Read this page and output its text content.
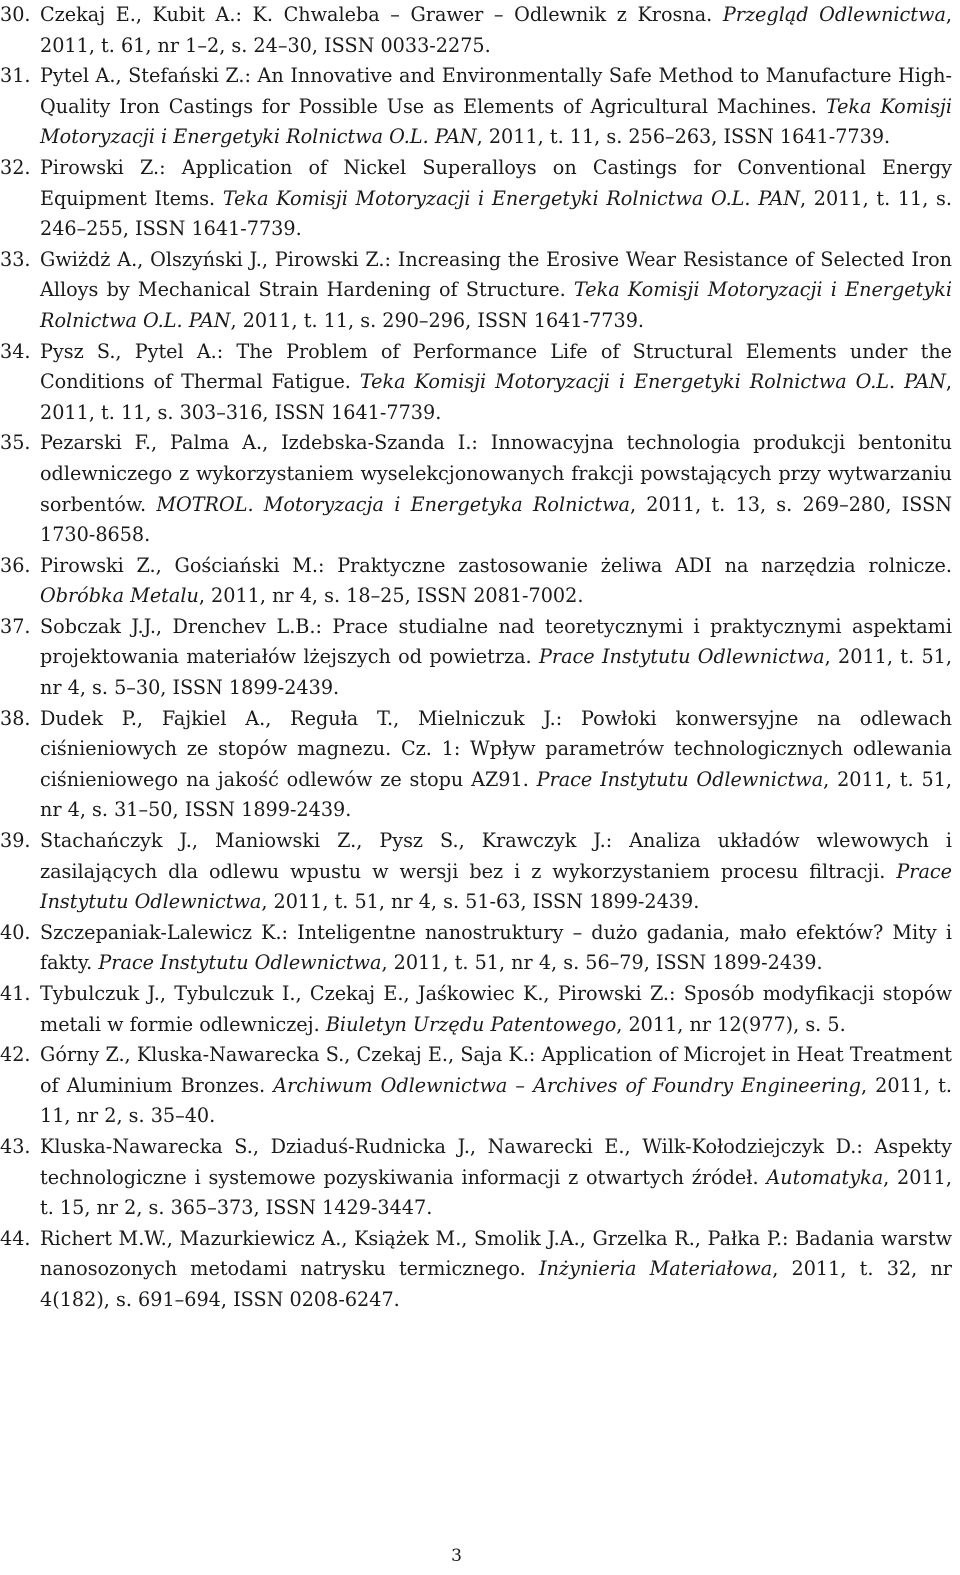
30. Czekaj E., Kubit A.: K. Chwaleba – Grawer – Odlewnik z Krosna. Przegląd Odlewnictwa, 2011, t. 61, nr 1–2, s. 24–30, ISSN 0033-2275.
31. Pytel A., Stefański Z.: An Innovative and Environmentally Safe Method to Manufacture High-Quality Iron Castings for Possible Use as Elements of Agricultural Machines. Teka Komisji Motoryzacji i Energetyki Rolnictwa O.L. PAN, 2011, t. 11, s. 256–263, ISSN 1641-7739.
32. Pirowski Z.: Application of Nickel Superalloys on Castings for Conventional Energy Equipment Items. Teka Komisji Motoryzacji i Energetyki Rolnictwa O.L. PAN, 2011, t. 11, s. 246–255, ISSN 1641-7739.
33. Gwiżdż A., Olszyński J., Pirowski Z.: Increasing the Erosive Wear Resistance of Selected Iron Alloys by Mechanical Strain Hardening of Structure. Teka Komisji Motoryzacji i Energetyki Rolnictwa O.L. PAN, 2011, t. 11, s. 290–296, ISSN 1641-7739.
34. Pysz S., Pytel A.: The Problem of Performance Life of Structural Elements under the Conditions of Thermal Fatigue. Teka Komisji Motoryzacji i Energetyki Rolnictwa O.L. PAN, 2011, t. 11, s. 303–316, ISSN 1641-7739.
35. Pezarski F., Palma A., Izdebska-Szanda I.: Innowacyjna technologia produkcji bentonitu odlewniczego z wykorzystaniem wyselekcjonowanych frakcji powstających przy wytwarzaniu sorbentów. MOTROL. Motoryzacja i Energetyka Rolnictwa, 2011, t. 13, s. 269–280, ISSN 1730-8658.
36. Pirowski Z., Gościański M.: Praktyczne zastosowanie żeliwa ADI na narzędzia rolnicze. Obróbka Metalu, 2011, nr 4, s. 18–25, ISSN 2081-7002.
37. Sobczak J.J., Drenchev L.B.: Prace studialne nad teoretycznymi i praktycznymi aspektami projektowania materiałów lżejszych od powietrza. Prace Instytutu Odlewnictwa, 2011, t. 51, nr 4, s. 5–30, ISSN 1899-2439.
38. Dudek P., Fajkiel A., Reguła T., Mielniczuk J.: Powłoki konwersyjne na odlewach ciśnieniowych ze stopów magnezu. Cz. 1: Wpływ parametrów technologicznych odlewania ciśnieniowego na jakość odlewów ze stopu AZ91. Prace Instytutu Odlewnictwa, 2011, t. 51, nr 4, s. 31–50, ISSN 1899-2439.
39. Stachańczyk J., Maniowski Z., Pysz S., Krawczyk J.: Analiza układów wlewowych i zasilających dla odlewu wpustu w wersji bez i z wykorzystaniem procesu filtracji. Prace Instytutu Odlewnictwa, 2011, t. 51, nr 4, s. 51-63, ISSN 1899-2439.
40. Szczepaniak-Lalewicz K.: Inteligentne nanostruktury – dużo gadania, mało efektów? Mity i fakty. Prace Instytutu Odlewnictwa, 2011, t. 51, nr 4, s. 56–79, ISSN 1899-2439.
41. Tybulczuk J., Tybulczuk I., Czekaj E., Jaśkowiec K., Pirowski Z.: Sposób modyfikacji stopów metali w formie odlewniczej. Biuletyn Urzędu Patentowego, 2011, nr 12(977), s. 5.
42. Górny Z., Kluska-Nawarecka S., Czekaj E., Saja K.: Application of Microjet in Heat Treatment of Aluminium Bronzes. Archiwum Odlewnictwa – Archives of Foundry Engineering, 2011, t. 11, nr 2, s. 35–40.
43. Kluska-Nawarecka S., Dziaduś-Rudnicka J., Nawarecki E., Wilk-Kołodziejczyk D.: Aspekty technologiczne i systemowe pozyskiwania informacji z otwartych źródeł. Automatyka, 2011, t. 15, nr 2, s. 365–373, ISSN 1429-3447.
44. Richert M.W., Mazurkiewicz A., Książek M., Smolik J.A., Grzelka R., Pałka P.: Badania warstw nanosozonych metodami natrysku termicznego. Inżynieria Materiałowa, 2011, t. 32, nr 4(182), s. 691–694, ISSN 0208-6247.
3
